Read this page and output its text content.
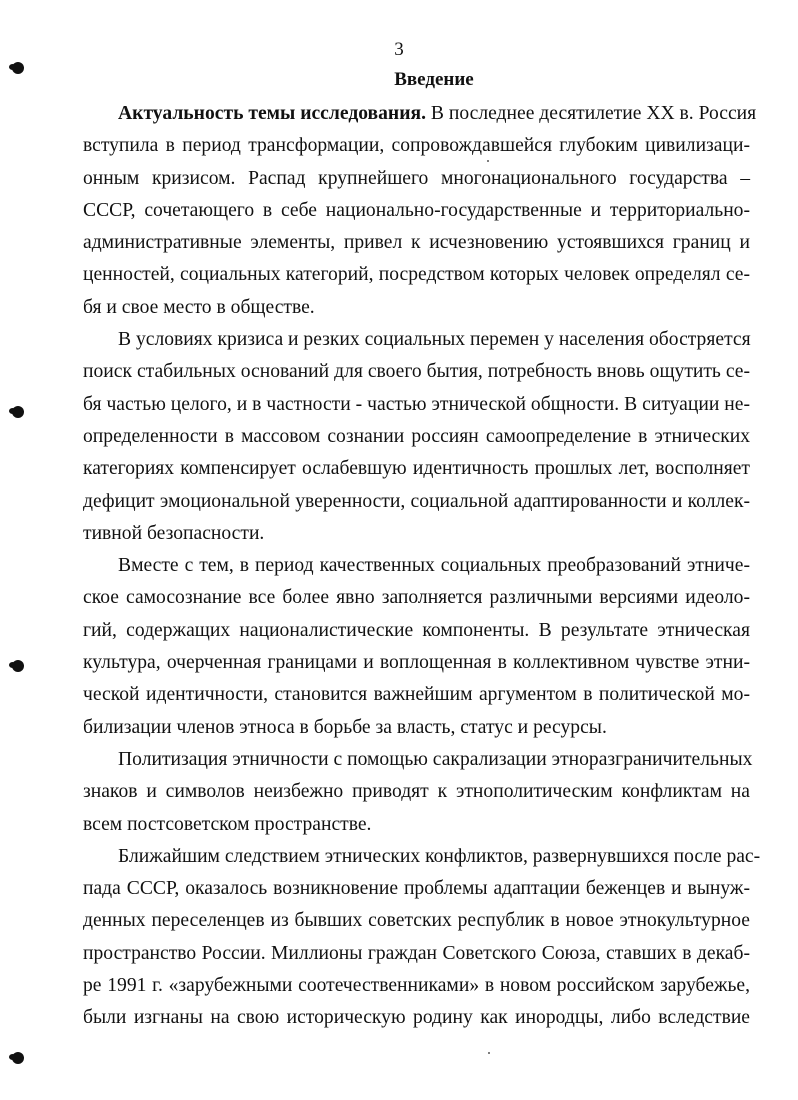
3
Введение
Актуальность темы исследования. В последнее десятилетие XX в. Россия
вступила в период трансформации, сопровождавшейся глубоким цивилизаци-
онным кризисом. Распад крупнейшего многонационального государства –
СССР, сочетающего в себе национально-государственные и территориально-
административные элементы, привел к исчезновению устоявшихся границ и
ценностей, социальных категорий, посредством которых человек определял се-
бя и свое место в обществе.
В условиях кризиса и резких социальных перемен у населения обостряется
поиск стабильных оснований для своего бытия, потребность вновь ощутить се-
бя частью целого, и в частности - частью этнической общности. В ситуации не-
определенности в массовом сознании россиян самоопределение в этнических
категориях компенсирует ослабевшую идентичность прошлых лет, восполняет
дефицит эмоциональной уверенности, социальной адаптированности и коллек-
тивной безопасности.
Вместе с тем, в период качественных социальных преобразований этниче-
ское самосознание все более явно заполняется различными версиями идеоло-
гий, содержащих националистические компоненты. В результате этническая
культура, очерченная границами и воплощенная в коллективном чувстве этни-
ческой идентичности, становится важнейшим аргументом в политической мо-
билизации членов этноса в борьбе за власть, статус и ресурсы.
Политизация этничности с помощью сакрализации этноразграничительных
знаков и символов неизбежно приводят к этнополитическим конфликтам на
всем постсоветском пространстве.
Ближайшим следствием этнических конфликтов, развернувшихся после рас-
пада СССР, оказалось возникновение проблемы адаптации беженцев и вынуж-
денных переселенцев из бывших советских республик в новое этнокультурное
пространство России. Миллионы граждан Советского Союза, ставших в декаб-
ре 1991 г. «зарубежными соотечественниками» в новом российском зарубежье,
были изгнаны на свою историческую родину как инородцы, либо вследствие
